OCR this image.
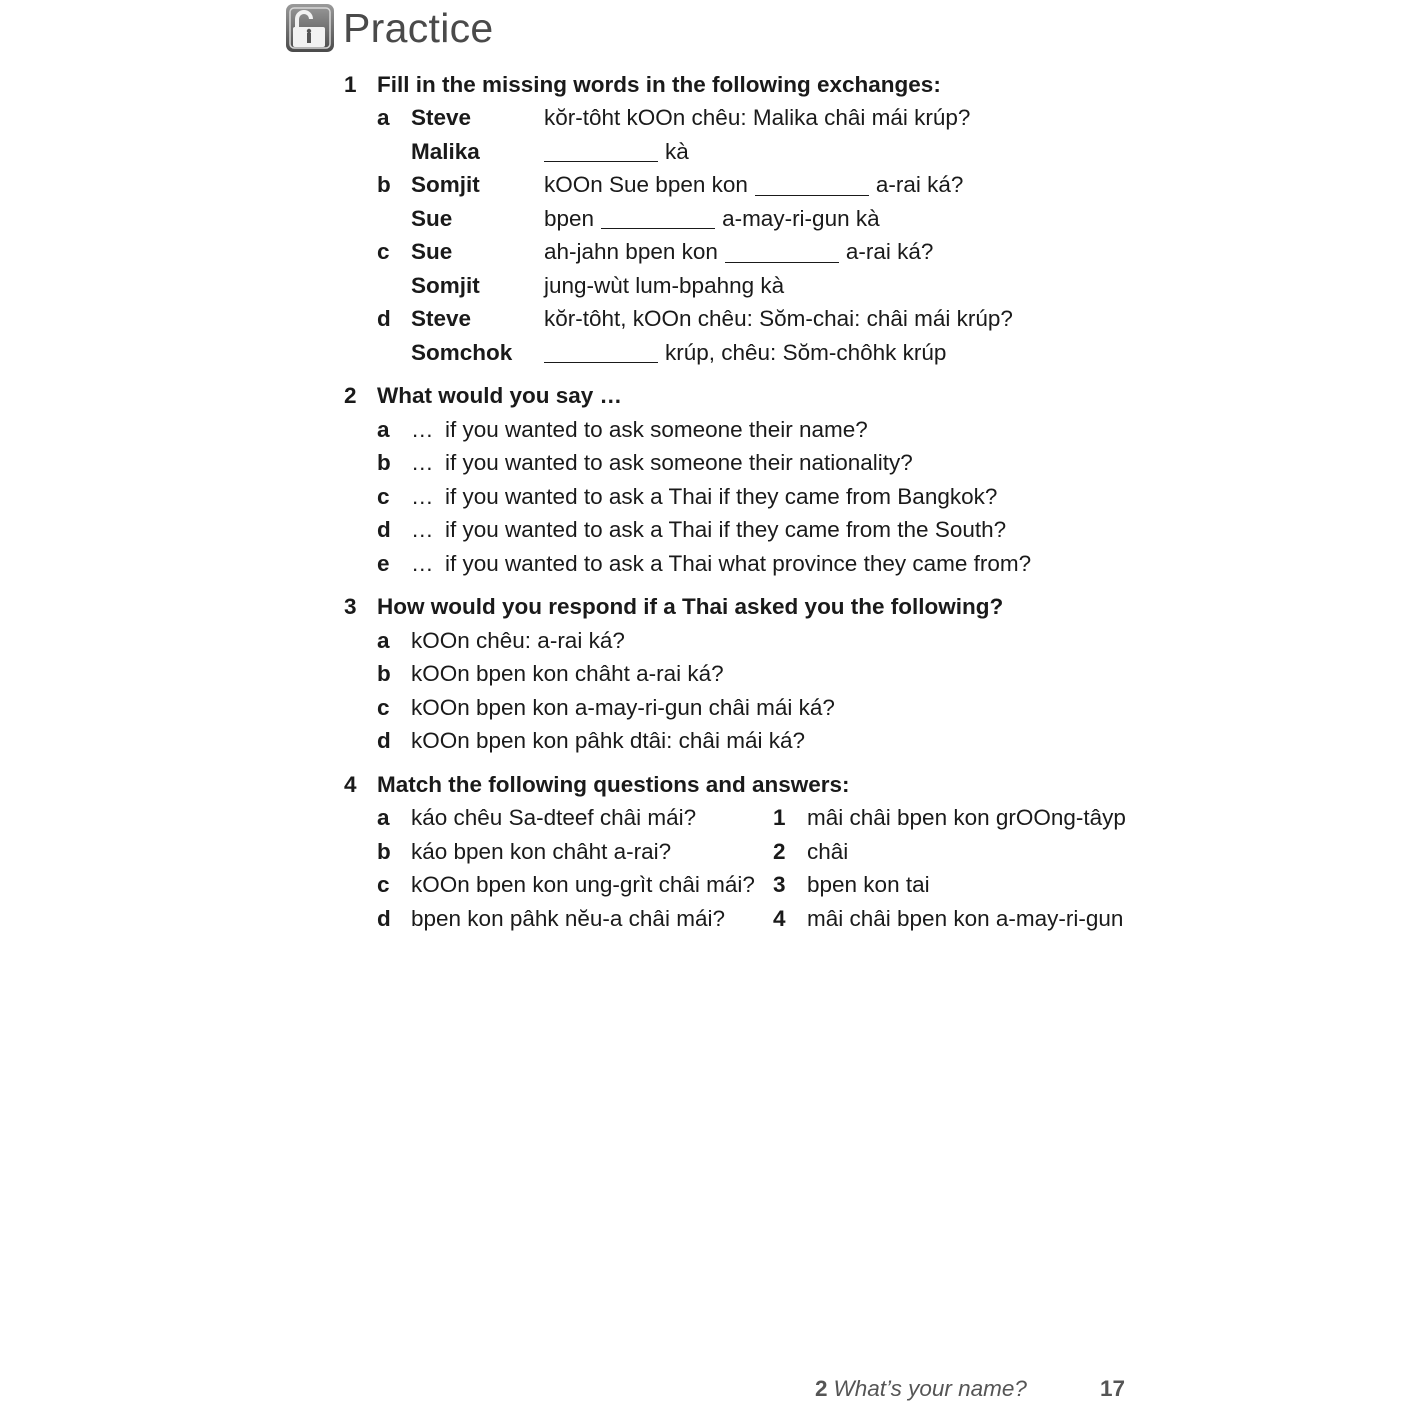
Practice
1 Fill in the missing words in the following exchanges:
a Steve	kŏr-tôht kOOn chêu: Malika châi mái krúp?
Malika	kà
b Somjit	kOOn Sue bpen kon	a-rai ká?
Sue	bpen	a-may-ri-gun kà
c Sue	ah-jahn bpen kon	a-rai ká?
Somjit	jung-wùt lum-bpahng kà
d Steve	kŏr-tôht, kOOn chêu: Sŏm-chai: châi mái krúp?
Somchok	krúp, chêu: Sŏm-chôhk krúp
2 What would you say …
a … if you wanted to ask someone their name?
b … if you wanted to ask someone their nationality?
c … if you wanted to ask a Thai if they came from Bangkok?
d … if you wanted to ask a Thai if they came from the South?
e … if you wanted to ask a Thai what province they came from?
3 How would you respond if a Thai asked you the following?
a kOOn chêu: a-rai ká?
b kOOn bpen kon châht a-rai ká?
c kOOn bpen kon a-may-ri-gun châi mái ká?
d kOOn bpen kon pâhk dtâi: châi mái ká?
4 Match the following questions and answers:
a káo chêu Sa-dteef châi mái?	1 mâi châi bpen kon grOOng-tâyp
b káo bpen kon châht a-rai?	2 châi
c kOOn bpen kon ung-grìt châi mái? 3 bpen kon tai
d bpen kon pâhk nĕu-a châi mái?	4 mâi châi bpen kon a-may-ri-gun
2 What’s your name?	17
